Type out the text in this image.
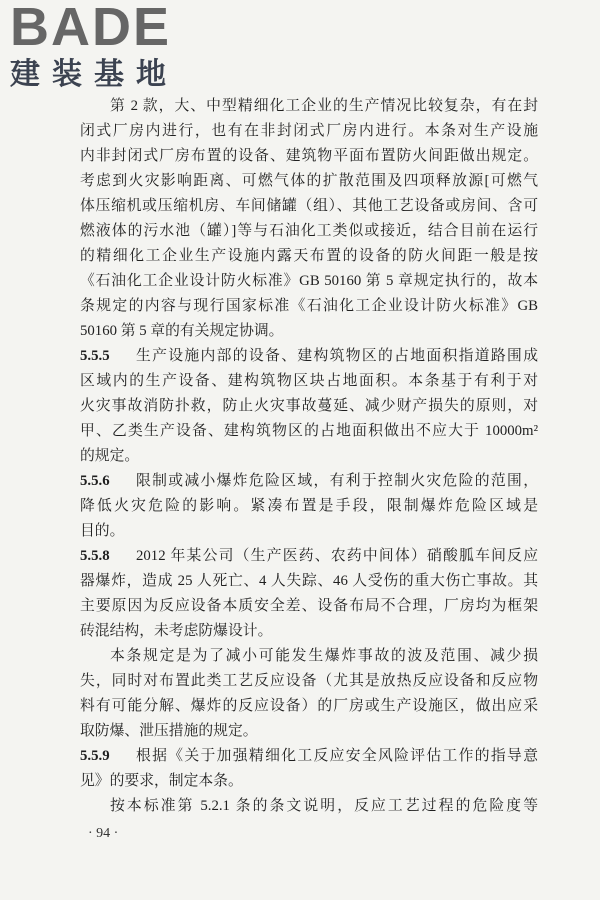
BADE
建装基地
第 2 款，大、中型精细化工企业的生产情况比较复杂，有在封
闭式厂房内进行，也有在非封闭式厂房内进行。本条对生产设施
内非封闭式厂房布置的设备、建筑物平面布置防火间距做出规定。
考虑到火灾影响距离、可燃气体的扩散范围及四项释放源[可燃气
体压缩机或压缩机房、车间储罐（组）、其他工艺设备或房间、含可
燃液体的污水池（罐）]等与石油化工类似或接近，结合目前在运行
的精细化工企业生产设施内露天布置的设备的防火间距一般是按
《石油化工企业设计防火标准》GB 50160 第 5 章规定执行的，故本
条规定的内容与现行国家标准《石油化工企业设计防火标准》GB
50160 第 5 章的有关规定协调。
5.5.5	生产设施内部的设备、建构筑物区的占地面积指道路围成
区域内的生产设备、建构筑物区块占地面积。本条基于有利于对
火灾事故消防扑救，防止火灾事故蔓延、减少财产损失的原则，对
甲、乙类生产设备、建构筑物区的占地面积做出不应大于 10000m²
的规定。
5.5.6	限制或减小爆炸危险区域，有利于控制火灾危险的范围，
降低火灾危险的影响。紧凑布置是手段，限制爆炸危险区域是
目的。
5.5.8	2012 年某公司（生产医药、农药中间体）硝酸胍车间反应
器爆炸，造成 25 人死亡、4 人失踪、46 人受伤的重大伤亡事故。其
主要原因为反应设备本质安全差、设备布局不合理，厂房均为框架
砖混结构，未考虑防爆设计。
本条规定是为了减小可能发生爆炸事故的波及范围、减少损
失，同时对布置此类工艺反应设备（尤其是放热反应设备和反应物
料有可能分解、爆炸的反应设备）的厂房或生产设施区，做出应采
取防爆、泄压措施的规定。
5.5.9	根据《关于加强精细化工反应安全风险评估工作的指导意
见》的要求，制定本条。
按本标准第 5.2.1 条的条文说明，反应工艺过程的危险度等
· 94 ·
